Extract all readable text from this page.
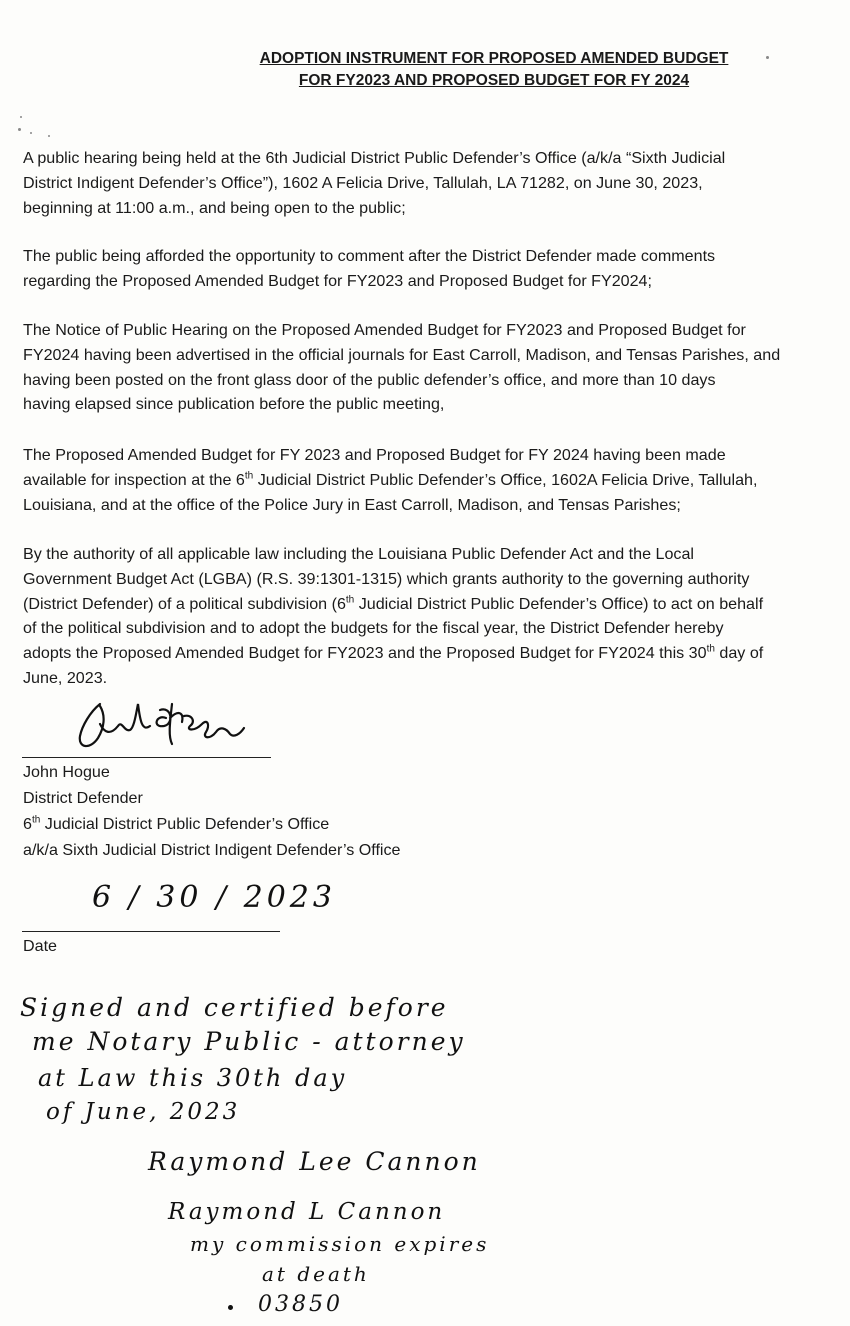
ADOPTION INSTRUMENT FOR PROPOSED AMENDED BUDGET
FOR FY2023 AND PROPOSED BUDGET FOR FY 2024

A public hearing being held at the 6th Judicial District Public Defender’s Office (a/k/a “Sixth Judicial
District Indigent Defender’s Office”), 1602 A Felicia Drive, Tallulah, LA 71282, on June 30, 2023,
beginning at 11:00 a.m., and being open to the public;

The public being afforded the opportunity to comment after the District Defender made comments
regarding the Proposed Amended Budget for FY2023 and Proposed Budget for FY2024;

The Notice of Public Hearing on the Proposed Amended Budget for FY2023 and Proposed Budget for
FY2024 having been advertised in the official journals for East Carroll, Madison, and Tensas Parishes, and
having been posted on the front glass door of the public defender’s office, and more than 10 days
having elapsed since publication before the public meeting,

The Proposed Amended Budget for FY 2023 and Proposed Budget for FY 2024 having been made
available for inspection at the 6th Judicial District Public Defender’s Office, 1602A Felicia Drive, Tallulah,
Louisiana, and at the office of the Police Jury in East Carroll, Madison, and Tensas Parishes;

By the authority of all applicable law including the Louisiana Public Defender Act and the Local
Government Budget Act (LGBA) (R.S. 39:1301-1315) which grants authority to the governing authority
(District Defender) of a political subdivision (6th Judicial District Public Defender’s Office) to act on behalf
of the political subdivision and to adopt the budgets for the fiscal year, the District Defender hereby
adopts the Proposed Amended Budget for FY2023 and the Proposed Budget for FY2024 this 30th day of
June, 2023.

John Hogue
District Defender
6th Judicial District Public Defender’s Office
a/k/a Sixth Judicial District Indigent Defender’s Office
6 / 30 / 2023
Date
Signed and certified before
me Notary Public - attorney
at Law this 30th day
of June, 2023
Raymond Lee Cannon
Raymond L Cannon
my commission expires
at death
03850
